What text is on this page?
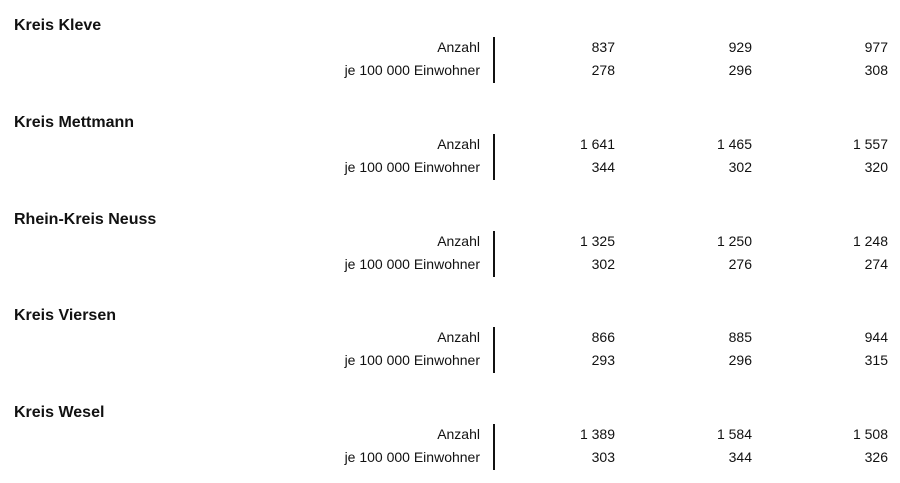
Kreis Kleve
Anzahl	837	929	977
je 100 000 Einwohner	278	296	308
Kreis Mettmann
Anzahl	1 641	1 465	1 557
je 100 000 Einwohner	344	302	320
Rhein-Kreis Neuss
Anzahl	1 325	1 250	1 248
je 100 000 Einwohner	302	276	274
Kreis Viersen
Anzahl	866	885	944
je 100 000 Einwohner	293	296	315
Kreis Wesel
Anzahl	1 389	1 584	1 508
je 100 000 Einwohner	303	344	326
